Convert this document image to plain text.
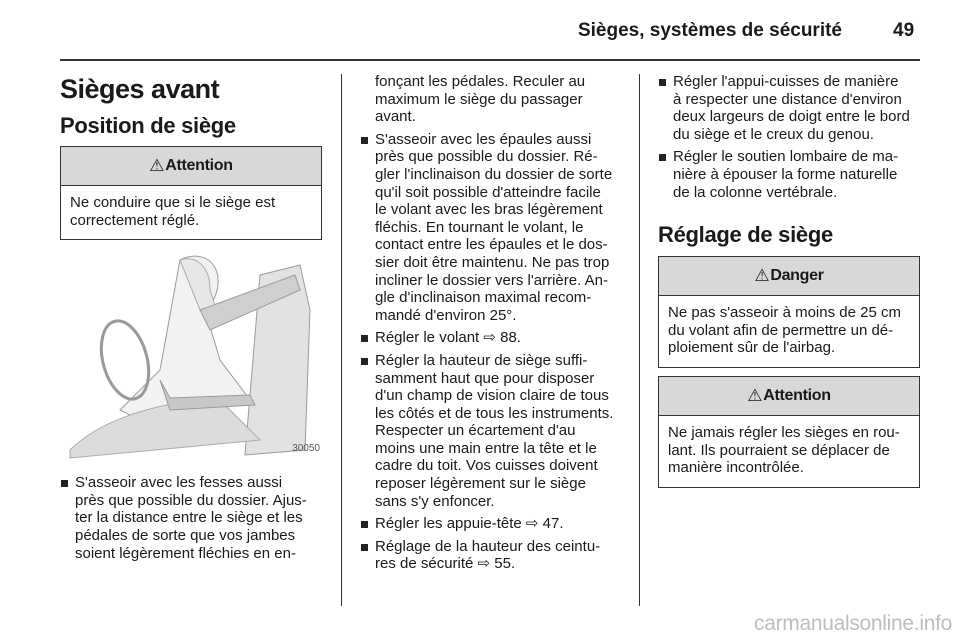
Sièges, systèmes de sécurité	49
Sièges avant
Position de siège
⚠ Attention
Ne conduire que si le siège est
correctement réglé.
30050
S'asseoir avec les fesses aussi
près que possible du dossier. Ajus-
ter la distance entre le siège et les
pédales de sorte que vos jambes
soient légèrement fléchies en en-
fonçant les pédales. Reculer au
maximum le siège du passager
avant.
S'asseoir avec les épaules aussi
près que possible du dossier. Ré-
gler l'inclinaison du dossier de sorte
qu'il soit possible d'atteindre facile
le volant avec les bras légèrement
fléchis. En tournant le volant, le
contact entre les épaules et le dos-
sier doit être maintenu. Ne pas trop
incliner le dossier vers l'arrière. An-
gle d'inclinaison maximal recom-
mandé d'environ 25°.
Régler le volant ⇨ 88.
Régler la hauteur de siège suffi-
samment haut que pour disposer
d'un champ de vision claire de tous
les côtés et de tous les instruments.
Respecter un écartement d'au
moins une main entre la tête et le
cadre du toit. Vos cuisses doivent
reposer légèrement sur le siège
sans s'y enfoncer.
Régler les appuie-tête ⇨ 47.
Réglage de la hauteur des ceintu-
res de sécurité ⇨ 55.
Régler l'appui-cuisses de manière
à respecter une distance d'environ
deux largeurs de doigt entre le bord
du siège et le creux du genou.
Régler le soutien lombaire de ma-
nière à épouser la forme naturelle
de la colonne vertébrale.
Réglage de siège
⚠ Danger
Ne pas s'asseoir à moins de 25 cm
du volant afin de permettre un dé-
ploiement sûr de l'airbag.
⚠ Attention
Ne jamais régler les sièges en rou-
lant. Ils pourraient se déplacer de
manière incontrôlée.
carmanualsonline.info
